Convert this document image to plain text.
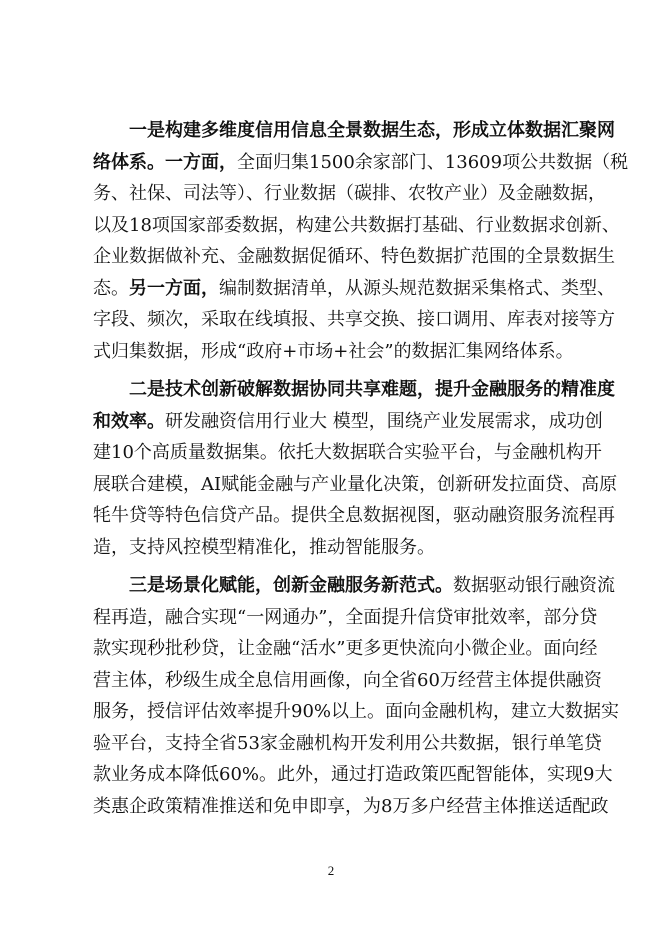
一是构建多维度信用信息全景数据生态，形成立体数据汇聚网
络体系。一方面，全面归集1500余家部门、13609项公共数据（税
务、社保、司法等）、行业数据（碳排、农牧产业）及金融数据，
以及18项国家部委数据，构建公共数据打基础、行业数据求创新、
企业数据做补充、金融数据促循环、特色数据扩范围的全景数据生
态。另一方面，编制数据清单，从源头规范数据采集格式、类型、
字段、频次，采取在线填报、共享交换、接口调用、库表对接等方
式归集数据，形成“政府+市场+社会”的数据汇集网络体系。
二是技术创新破解数据协同共享难题，提升金融服务的精准度
和效率。研发融资信用行业大 模型，围绕产业发展需求，成功创
建10个高质量数据集。依托大数据联合实验平台，与金融机构开
展联合建模，AI赋能金融与产业量化决策，创新研发拉面贷、高原
牦牛贷等特色信贷产品。提供全息数据视图，驱动融资服务流程再
造，支持风控模型精准化，推动智能服务。
三是场景化赋能，创新金融服务新范式。数据驱动银行融资流
程再造，融合实现“一网通办”，全面提升信贷审批效率，部分贷
款实现秒批秒贷，让金融“活水”更多更快流向小微企业。面向经
营主体，秒级生成全息信用画像，向全省60万经营主体提供融资
服务，授信评估效率提升90%以上。面向金融机构，建立大数据实
验平台，支持全省53家金融机构开发利用公共数据，银行单笔贷
款业务成本降低60%。此外，通过打造政策匹配智能体，实现9大
类惠企政策精准推送和免申即享，为8万多户经营主体推送适配政
2
